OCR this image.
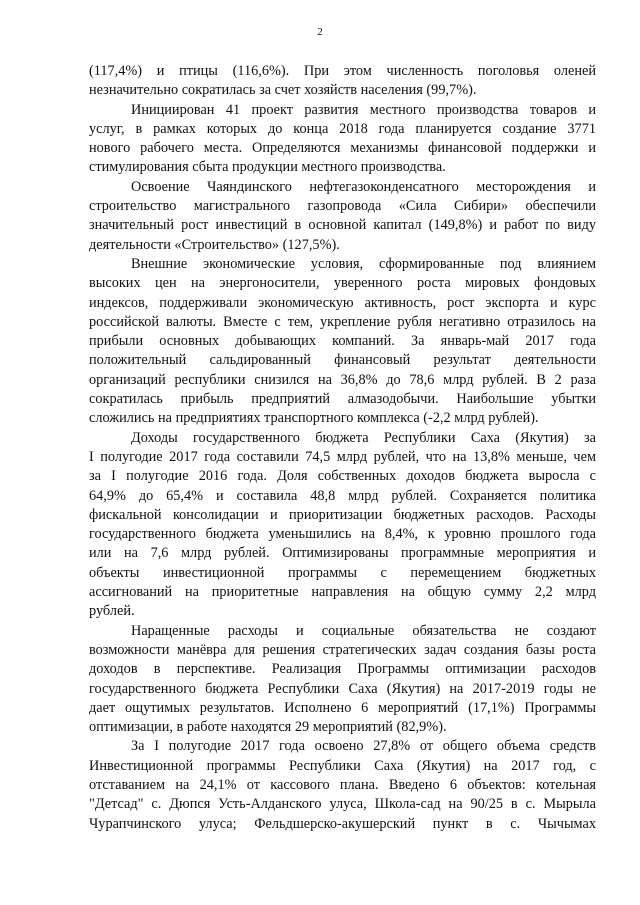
2

(117,4%) и птицы (116,6%). При этом численность поголовья оленей
незначительно сократилась за счет хозяйств населения (99,7%).

Инициирован 41 проект развития местного производства товаров и
услуг, в рамках которых до конца 2018 года планируется создание 3771
нового рабочего места. Определяются механизмы финансовой поддержки и
стимулирования сбыта продукции местного производства.

Освоение Чаяндинского нефтегазоконденсатного месторождения и
строительство магистрального газопровода «Сила Сибири» обеспечили
значительный рост инвестиций в основной капитал (149,8%) и работ по виду
деятельности «Строительство» (127,5%).

Внешние экономические условия, сформированные под влиянием
высоких цен на энергоносители, уверенного роста мировых фондовых
индексов, поддерживали экономическую активность, рост экспорта и курс
российской валюты. Вместе с тем, укрепление рубля негативно отразилось на
прибыли основных добывающих компаний. За январь-май 2017 года
положительный сальдированный финансовый результат деятельности
организаций республики снизился на 36,8% до 78,6 млрд рублей. В 2 раза
сократилась прибыль предприятий алмазодобычи. Наибольшие убытки
сложились на предприятиях транспортного комплекса (-2,2 млрд рублей).

Доходы государственного бюджета Республики Саха (Якутия) за
I полугодие 2017 года составили 74,5 млрд рублей, что на 13,8% меньше, чем
за I полугодие 2016 года. Доля собственных доходов бюджета выросла с
64,9% до 65,4% и составила 48,8 млрд рублей. Сохраняется политика
фискальной консолидации и приоритизации бюджетных расходов. Расходы
государственного бюджета уменьшились на 8,4%, к уровню прошлого года
или на 7,6 млрд рублей. Оптимизированы программные мероприятия и
объекты инвестиционной программы с перемещением бюджетных
ассигнований на приоритетные направления на общую сумму 2,2 млрд
рублей.

Наращенные расходы и социальные обязательства не создают
возможности манёвра для решения стратегических задач создания базы роста
доходов в перспективе. Реализация Программы оптимизации расходов
государственного бюджета Республики Саха (Якутия) на 2017-2019 годы не
дает ощутимых результатов. Исполнено 6 мероприятий (17,1%) Программы
оптимизации, в работе находятся 29 мероприятий (82,9%).

За I полугодие 2017 года освоено 27,8% от общего объема средств
Инвестиционной программы Республики Саха (Якутия) на 2017 год, с
отставанием на 24,1% от кассового плана. Введено 6 объектов: котельная
"Детсад" с. Дюпся Усть-Алданского улуса, Школа-сад на 90/25 в с. Мырыла
Чурапчинского улуса; Фельдшерско-акушерский пункт в с. Чычымах
